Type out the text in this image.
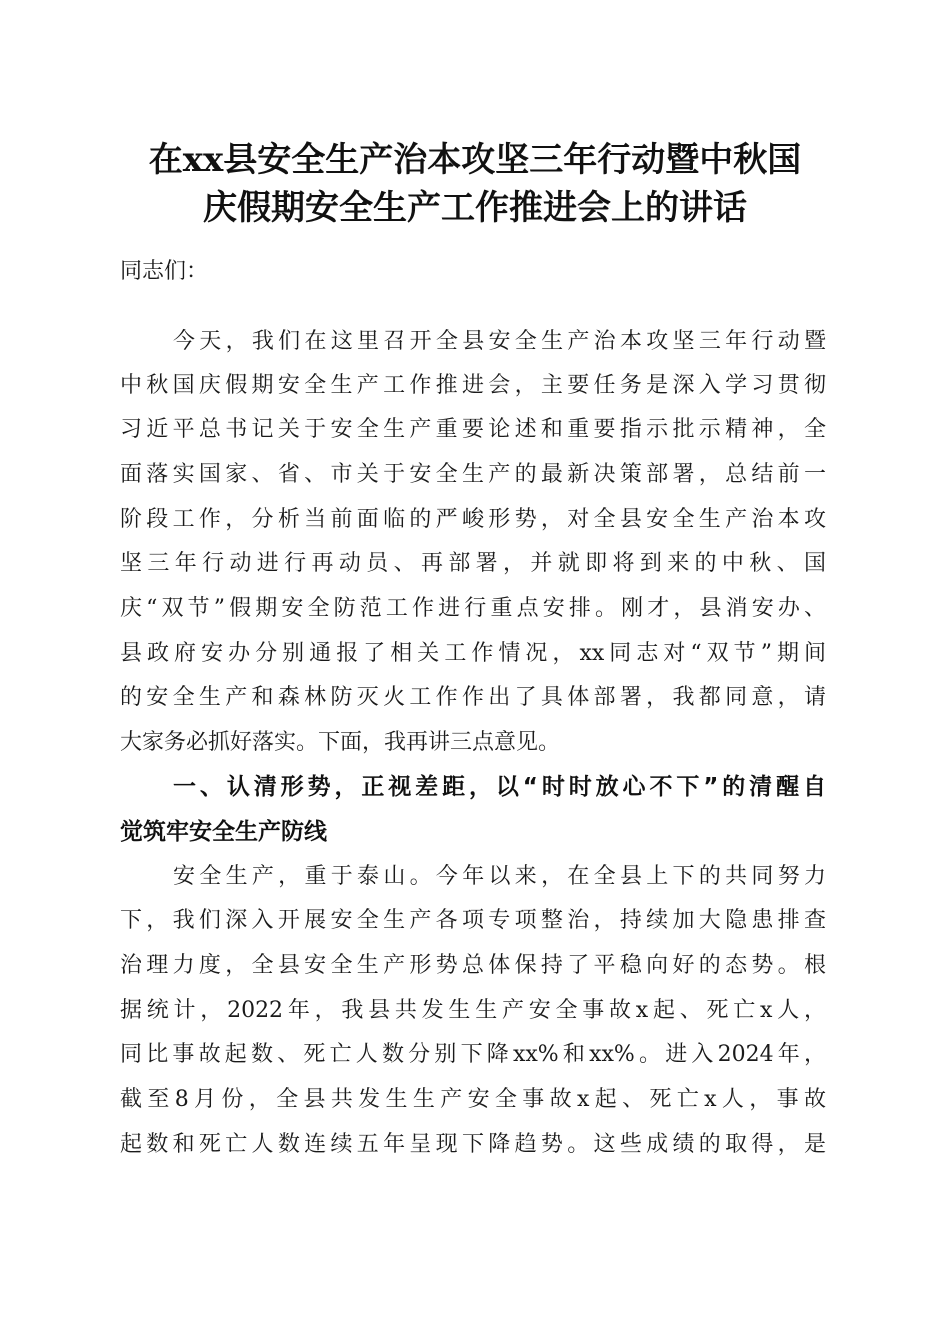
在xx县安全生产治本攻坚三年行动暨中秋国
庆假期安全生产工作推进会上的讲话
同志们：
今天，我们在这里召开全县安全生产治本攻坚三年行动暨
中秋国庆假期安全生产工作推进会，主要任务是深入学习贯彻
习近平总书记关于安全生产重要论述和重要指示批示精神，全
面落实国家、省、市关于安全生产的最新决策部署，总结前一
阶段工作，分析当前面临的严峻形势，对全县安全生产治本攻
坚三年行动进行再动员、再部署，并就即将到来的中秋、国
庆“双节”假期安全防范工作进行重点安排。刚才，县消安办、
县政府安办分别通报了相关工作情况，xx同志对“双节”期间
的安全生产和森林防灭火工作作出了具体部署，我都同意，请
大家务必抓好落实。下面，我再讲三点意见。
一、认清形势，正视差距，以“时时放心不下”的清醒自
觉筑牢安全生产防线
安全生产，重于泰山。今年以来，在全县上下的共同努力
下，我们深入开展安全生产各项专项整治，持续加大隐患排查
治理力度，全县安全生产形势总体保持了平稳向好的态势。根
据统计，2022年，我县共发生生产安全事故x起、死亡x人，
同比事故起数、死亡人数分别下降xx%和xx%。进入2024年，
截至8月份，全县共发生生产安全事故x起、死亡x人，事故
起数和死亡人数连续五年呈现下降趋势。这些成绩的取得，是
